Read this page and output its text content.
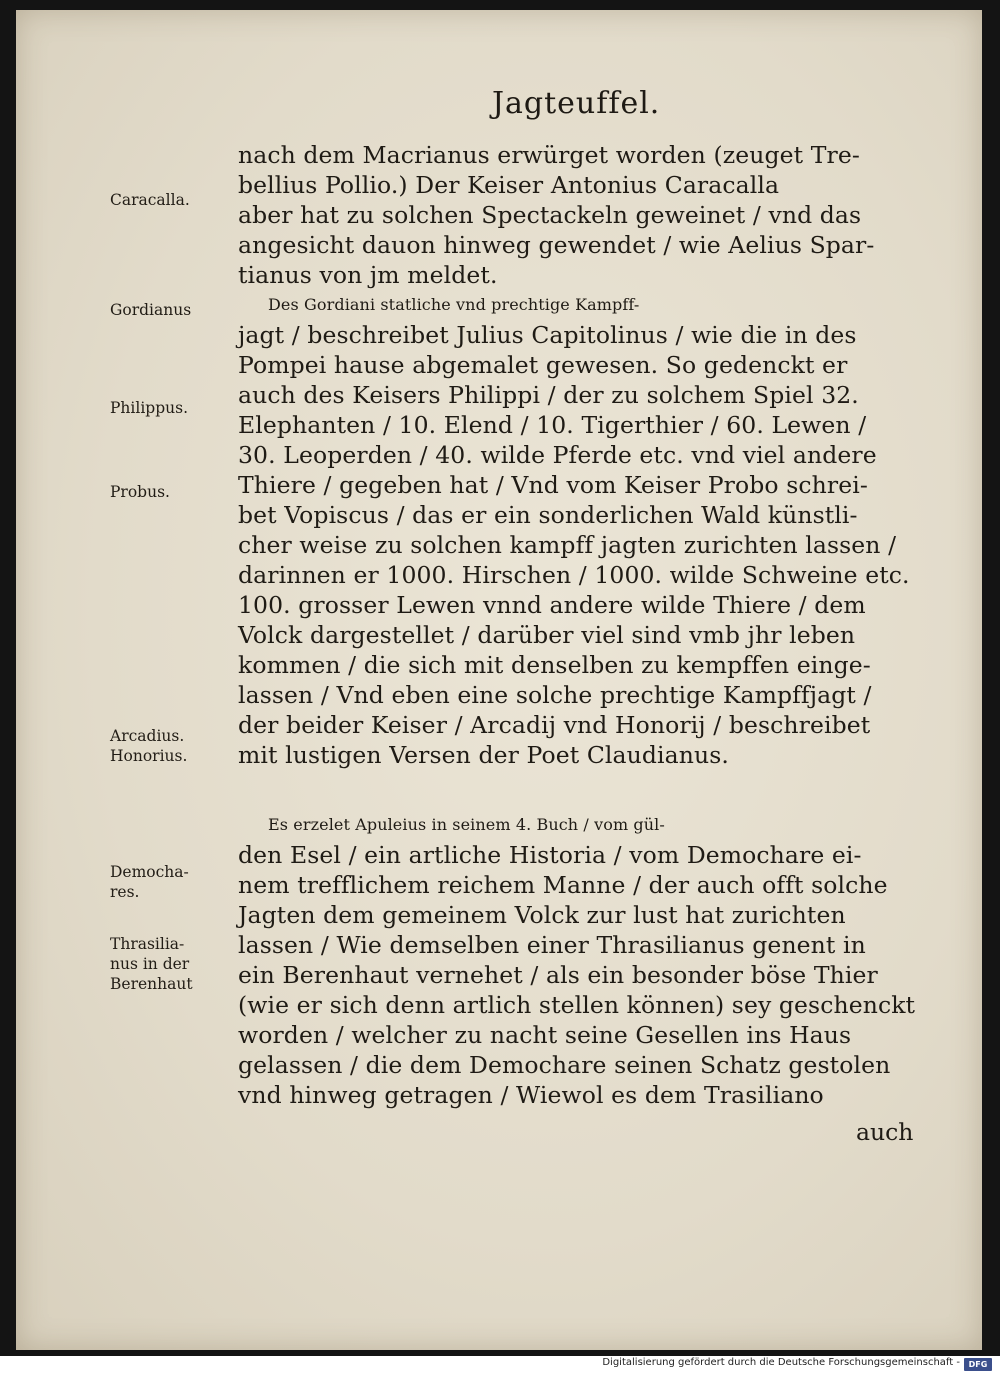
Jagteuffel.
Caracalla.
Gordianus
Philippus.
Probus.
Arcadius.
Honorius.
Democha-
res.
Thrasilia-
nus in der
Berenhaut
nach dem Macrianus erwürget worden (zeuget Tre-
bellius Pollio.) Der Keiser Antonius Caracalla
aber hat zu solchen Spectackeln geweinet / vnd das
angesicht dauon hinweg gewendet / wie Aelius Spar-
tianus von jm meldet.
Des Gordiani statliche vnd prechtige Kampff-
jagt / beschreibet Julius Capitolinus / wie die in des
Pompei hause abgemalet gewesen. So gedenckt er
auch des Keisers Philippi / der zu solchem Spiel 32.
Elephanten / 10. Elend / 10. Tigerthier / 60. Lewen /
30. Leoperden / 40. wilde Pferde etc. vnd viel andere
Thiere / gegeben hat / Vnd vom Keiser Probo schrei-
bet Vopiscus / das er ein sonderlichen Wald künstli-
cher weise zu solchen kampff jagten zurichten lassen /
darinnen er 1000. Hirschen / 1000. wilde Schweine etc.
100. grosser Lewen vnnd andere wilde Thiere / dem
Volck dargestellet / darüber viel sind vmb jhr leben
kommen / die sich mit denselben zu kempffen einge-
lassen / Vnd eben eine solche prechtige Kampffjagt /
der beider Keiser / Arcadij vnd Honorij / beschreibet
mit lustigen Versen der Poet Claudianus.
Es erzelet Apuleius in seinem 4. Buch / vom gül-
den Esel / ein artliche Historia / vom Demochare ei-
nem trefflichem reichem Manne / der auch offt solche
Jagten dem gemeinem Volck zur lust hat zurichten
lassen / Wie demselben einer Thrasilianus genent in
ein Berenhaut vernehet / als ein besonder böse Thier
(wie er sich denn artlich stellen können) sey geschenckt
worden / welcher zu nacht seine Gesellen ins Haus
gelassen / die dem Demochare seinen Schatz gestolen
vnd hinweg getragen / Wiewol es dem Trasiliano
auch
Digitalisierung gefördert durch die Deutsche Forschungsgemeinschaft -	DFG
